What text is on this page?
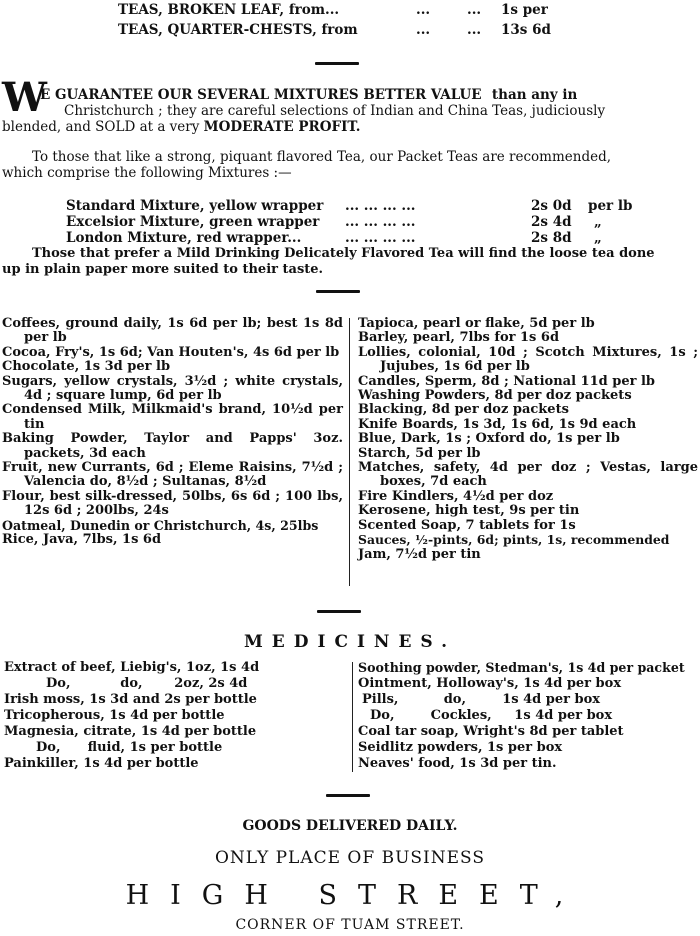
TEAS, BROKEN LEAF, from...	...	... 1s per
TEAS, QUARTER-CHESTS, from	...	... 13s 6d
W
E GUARANTEE OUR SEVERAL MIXTURES BETTER VALUE than any in
Christchurch ; they are careful selections of Indian and China Teas, judiciously
blended, and SOLD at a very MODERATE PROFIT.
To those that like a strong, piquant flavored Tea, our Packet Teas are recommended,
which comprise the following Mixtures :—
Standard Mixture, yellow wrapper ... ... ... ...	2s 0d per lb
Excelsior Mixture, green wrapper ... ... ... ...	2s 4d „
London Mixture, red wrapper...	... ... ... ...	2s 8d „
Those that prefer a Mild Drinking Delicately Flavored Tea will find the loose tea done
up in plain paper more suited to their taste.
Coffees, ground daily, 1s 6d per lb; best 1s 8d per lb
Cocoa, Fry's, 1s 6d; Van Houten's, 4s 6d per lb
Chocolate, 1s 3d per lb
Sugars, yellow crystals, 3½d ; white crystals, 4d ; square lump, 6d per lb
Condensed Milk, Milkmaid's brand, 10½d per tin
Baking Powder, Taylor and Papps' 3oz. packets, 3d each
Fruit, new Currants, 6d ; Eleme Raisins, 7½d ; Valencia do, 8½d ; Sultanas, 8½d
Flour, best silk-dressed, 50lbs, 6s 6d ; 100 lbs, 12s 6d ; 200lbs, 24s
Oatmeal, Dunedin or Christchurch, 4s, 25lbs
Rice, Java, 7lbs, 1s 6d
Tapioca, pearl or flake, 5d per lb
Barley, pearl, 7lbs for 1s 6d
Lollies, colonial, 10d ; Scotch Mixtures, 1s ; Jujubes, 1s 6d per lb
Candles, Sperm, 8d ; National 11d per lb
Washing Powders, 8d per doz packets
Blacking, 8d per doz packets
Knife Boards, 1s 3d, 1s 6d, 1s 9d each
Blue, Dark, 1s ; Oxford do, 1s per lb
Starch, 5d per lb
Matches, safety, 4d per doz ; Vestas, large boxes, 7d each
Fire Kindlers, 4½d per doz
Kerosene, high test, 9s per tin
Scented Soap, 7 tablets for 1s
Sauces, ½-pints, 6d; pints, 1s, recommended
Jam, 7½d per tin
MEDICINES.
Extract of beef, Liebig's, 1oz, 1s 4d
Do,           do,       2oz, 2s 4d
Irish moss, 1s 3d and 2s per bottle
Tricopherous, 1s 4d per bottle
Magnesia, citrate, 1s 4d per bottle
Do,      fluid, 1s per bottle
Painkiller, 1s 4d per bottle
Soothing powder, Stedman's, 1s 4d per packet
Ointment, Holloway's, 1s 4d per box
Pills,          do,        1s 4d per box
Do,        Cockles,     1s 4d per box
Coal tar soap, Wright's 8d per tablet
Seidlitz powders, 1s per box
Neaves' food, 1s 3d per tin.
GOODS DELIVERED DAILY.
ONLY PLACE OF BUSINESS
HIGH STREET,
CORNER OF TUAM STREET.
